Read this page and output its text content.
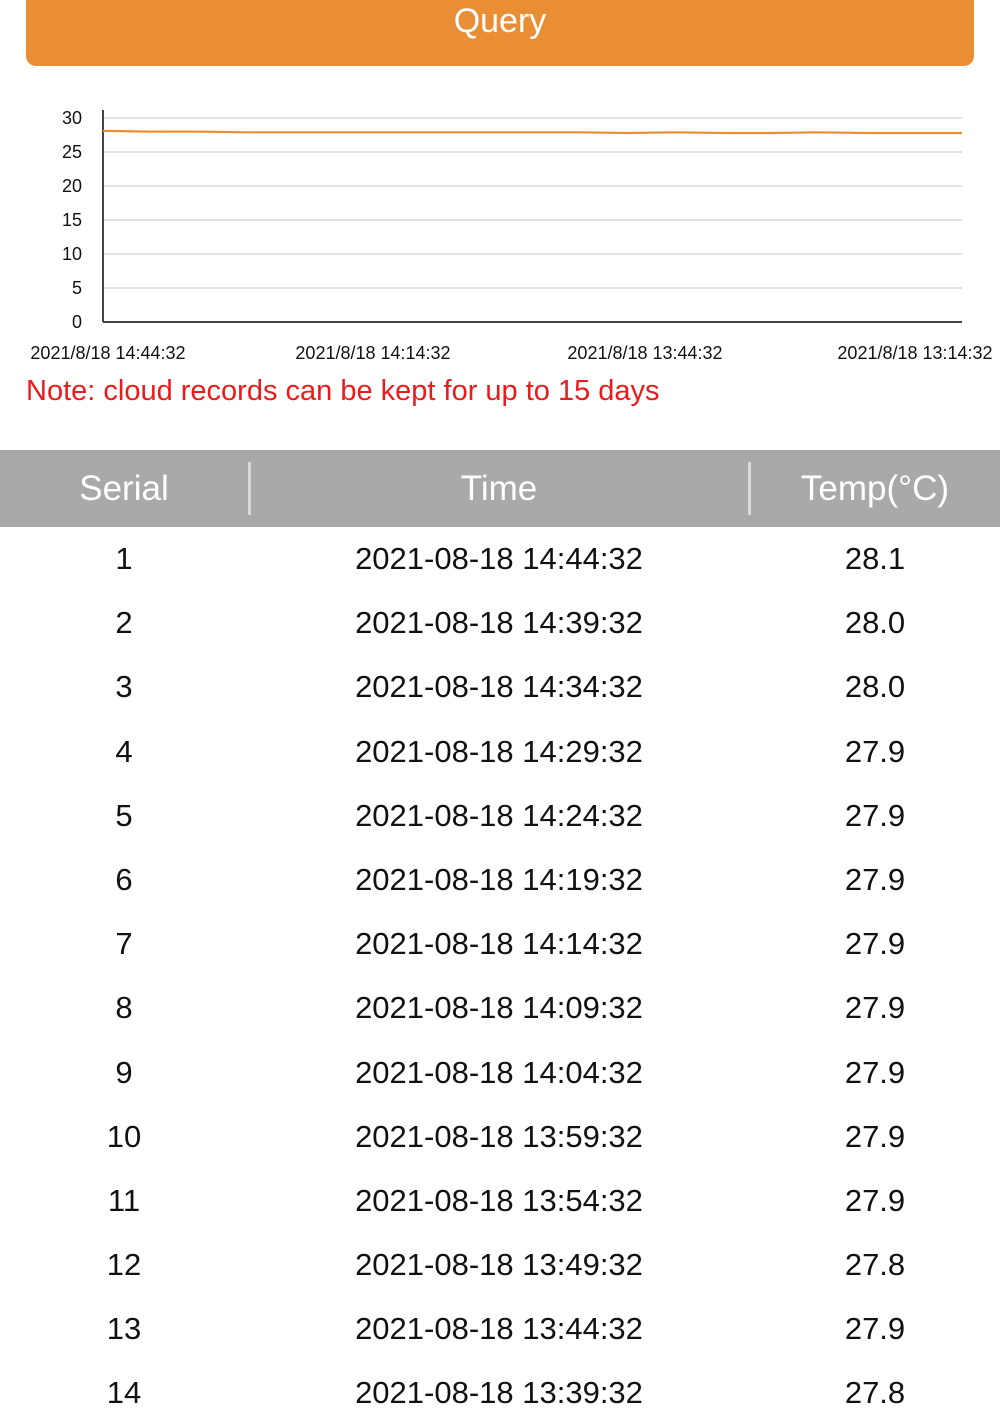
Query
30
25
20
15
10
5
0
2021/8/18 14:44:32	2021/8/18 14:14:32	2021/8/18 13:44:32	2021/8/18 13:14:32
Note: cloud records can be kept for up to 15 days
Serial	Time	Temp(°C)
1	2021-08-18 14:44:32	28.1
2	2021-08-18 14:39:32	28.0
3	2021-08-18 14:34:32	28.0
4	2021-08-18 14:29:32	27.9
5	2021-08-18 14:24:32	27.9
6	2021-08-18 14:19:32	27.9
7	2021-08-18 14:14:32	27.9
8	2021-08-18 14:09:32	27.9
9	2021-08-18 14:04:32	27.9
10	2021-08-18 13:59:32	27.9
11	2021-08-18 13:54:32	27.9
12	2021-08-18 13:49:32	27.8
13	2021-08-18 13:44:32	27.9
14	2021-08-18 13:39:32	27.8
